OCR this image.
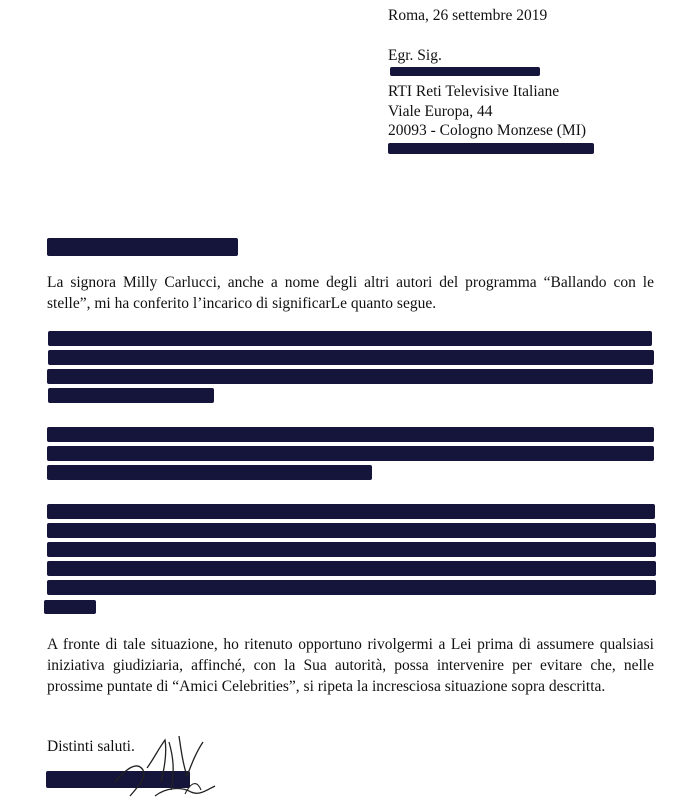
Roma, 26 settembre 2019
Egr. Sig.
RTI Reti Televisive Italiane
Viale Europa, 44
20093 - Cologno Monzese (MI)
La signora Milly Carlucci, anche a nome degli altri autori del programma “Ballando con le stelle”, mi ha conferito l’incarico di significarLe quanto segue.
A fronte di tale situazione, ho ritenuto opportuno rivolgermi a Lei prima di assumere qualsiasi iniziativa giudiziaria, affinché, con la Sua autorità, possa intervenire per evitare che, nelle prossime puntate di “Amici Celebrities”, si ripeta la incresciosa situazione sopra descritta.
Distinti saluti.
